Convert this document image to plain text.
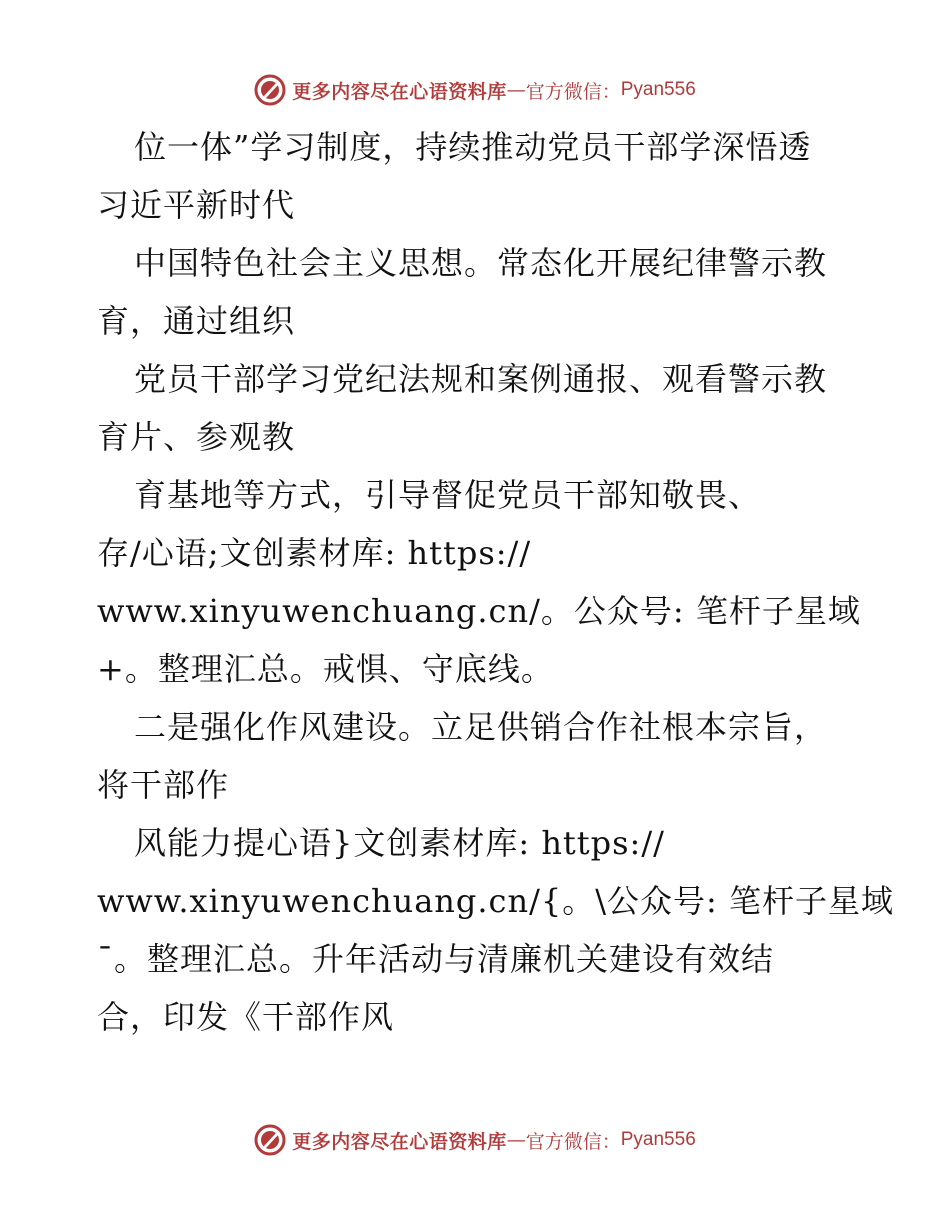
更多内容尽在心语资料库 — 官方微信： Pyan556
位一体”学习制度，持续推动党员干部学深悟透
习近平新时代
中国特色社会主义思想。常态化开展纪律警示教
育，通过组织
党员干部学习党纪法规和案例通报、观看警示教
育片、参观教
育基地等方式，引导督促党员干部知敬畏、
存/心语;文创素材库: https://
www.xinyuwenchuang.cn/。公众号: 笔杆子星域
+。整理汇总。戒惧、守底线。
二是强化作风建设。立足供销合作社根本宗旨，
将干部作
风能力提心语}文创素材库: https://
www.xinyuwenchuang.cn/{。\公众号: 笔杆子星域
¯。整理汇总。升年活动与清廉机关建设有效结
合，印发《干部作风
更多内容尽在心语资料库 — 官方微信： Pyan556
